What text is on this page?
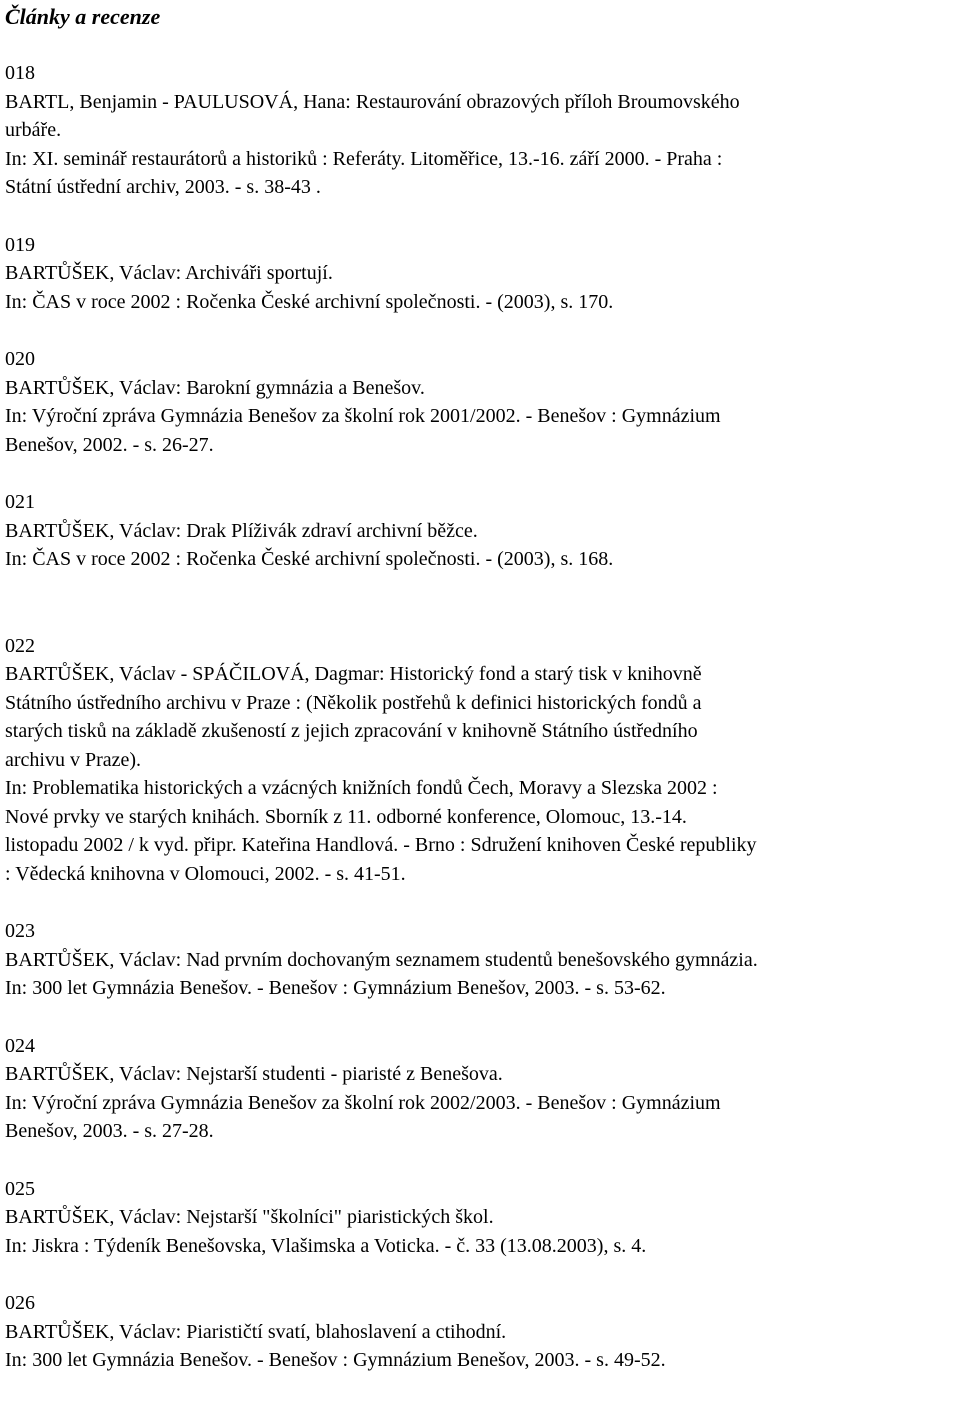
Články a recenze

018

BARTL, Benjamin - PAULUSOVÁ, Hana: Restaurování obrazových příloh Broumovského

urbáře.

In: XI. seminář restaurátorů a historiků : Referáty. Litoměřice, 13.-16. září 2000. - Praha :

Státní ústřední archiv, 2003. - s. 38-43 .

019

BARTŮŠEK, Václav: Archiváři sportují.

In: ČAS v roce 2002 : Ročenka České archivní společnosti. - (2003), s. 170.

020

BARTŮŠEK, Václav: Barokní gymnázia a Benešov.

In: Výroční zpráva Gymnázia Benešov za školní rok 2001/2002. - Benešov : Gymnázium

Benešov, 2002. - s. 26-27.

021

BARTŮŠEK, Václav: Drak Plíživák zdraví archivní běžce.

In: ČAS v roce 2002 : Ročenka České archivní společnosti. - (2003), s. 168.

022

BARTŮŠEK, Václav - SPÁČILOVÁ, Dagmar: Historický fond a starý tisk v knihovně

Státního ústředního archivu v Praze : (Několik postřehů k definici historických fondů a

starých tisků na základě zkušeností z jejich zpracování v knihovně Státního ústředního

archivu v Praze).

In: Problematika historických a vzácných knižních fondů Čech, Moravy a Slezska 2002 :

Nové prvky ve starých knihách. Sborník z 11. odborné konference, Olomouc, 13.-14.

listopadu 2002 / k vyd. připr. Kateřina Handlová. - Brno : Sdružení knihoven České republiky

: Vědecká knihovna v Olomouci, 2002. - s. 41-51.

023

BARTŮŠEK, Václav: Nad prvním dochovaným seznamem studentů benešovského gymnázia.

In: 300 let Gymnázia Benešov. - Benešov : Gymnázium Benešov, 2003. - s. 53-62.

024

BARTŮŠEK, Václav: Nejstarší studenti - piaristé z Benešova.

In: Výroční zpráva Gymnázia Benešov za školní rok 2002/2003. - Benešov : Gymnázium

Benešov, 2003. - s. 27-28.

025

BARTŮŠEK, Václav: Nejstarší "školníci" piaristických škol.

In: Jiskra : Týdeník Benešovska, Vlašimska a Voticka. - č. 33 (13.08.2003), s. 4.

026

BARTŮŠEK, Václav: Piarističtí svatí, blahoslavení a ctihodní.

In: 300 let Gymnázia Benešov. - Benešov : Gymnázium Benešov, 2003. - s. 49-52.
